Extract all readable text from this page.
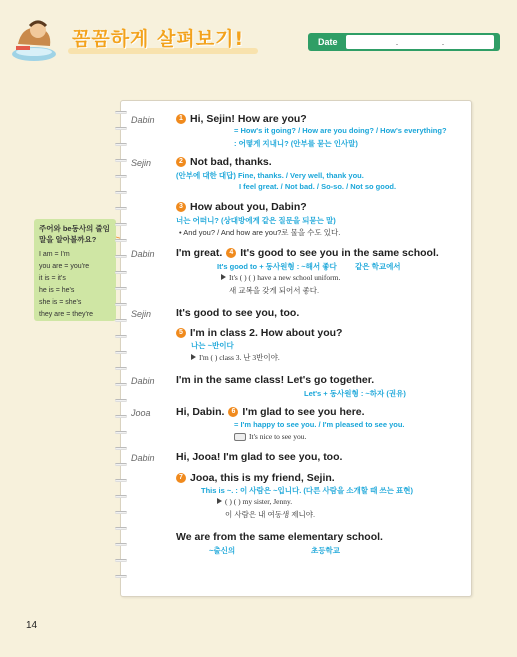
꼼꼼하게 살펴보기!	Date	.	.
주어와 be동사의 줄임말을 알아볼까요?
I am = I'm
you are = you're
it is = it's
he is = he's
she is = she's
they are = they're
Dabin	1 Hi, Sejin! How are you?
= How's it going? / How are you doing? / How's everything?
: 어떻게 지내니? (안부를 묻는 인사말)
Sejin	2 Not bad, thanks.
(안부에 대한 대답) Fine, thanks. / Very well, thank you.
I feel great. / Not bad. / So-so. / Not so good.
3 How about you, Dabin?
너는 어떠니? (상대방에게 같은 질문을 되묻는 말)
• And you? / And how are you?로 물을 수도 있다.
Dabin I'm great.	4 It's good to see you in the same school.
It's good to + 동사원형 : ~해서 좋다 같은 학교에서
It's ( ) ( ) have a new school uniform.
새 교복을 갖게 되어서 좋다.
Sejin It's good to see you, too.
5 I'm in class 2. How about you?
나는 ~반이다
I'm ( ) class 3. 난 3반이야.
Dabin I'm in the same class! Let's go together.
Let's + 동사원형 : ~하자 (권유)
Jooa Hi, Dabin.	6 I'm glad to see you here.
= I'm happy to see you. / I'm pleased to see you.
It's nice to see you.
Dabin Hi, Jooa! I'm glad to see you, too.
7 Jooa, this is my friend, Sejin.
This is ~. : 이 사람은 ~입니다. (다른 사람을 소개할 때 쓰는 표현)
( ) ( ) my sister, Jenny.
이 사람은 내 여동생 제니야.
We are from the same elementary school.
~출신의	초등학교
14
